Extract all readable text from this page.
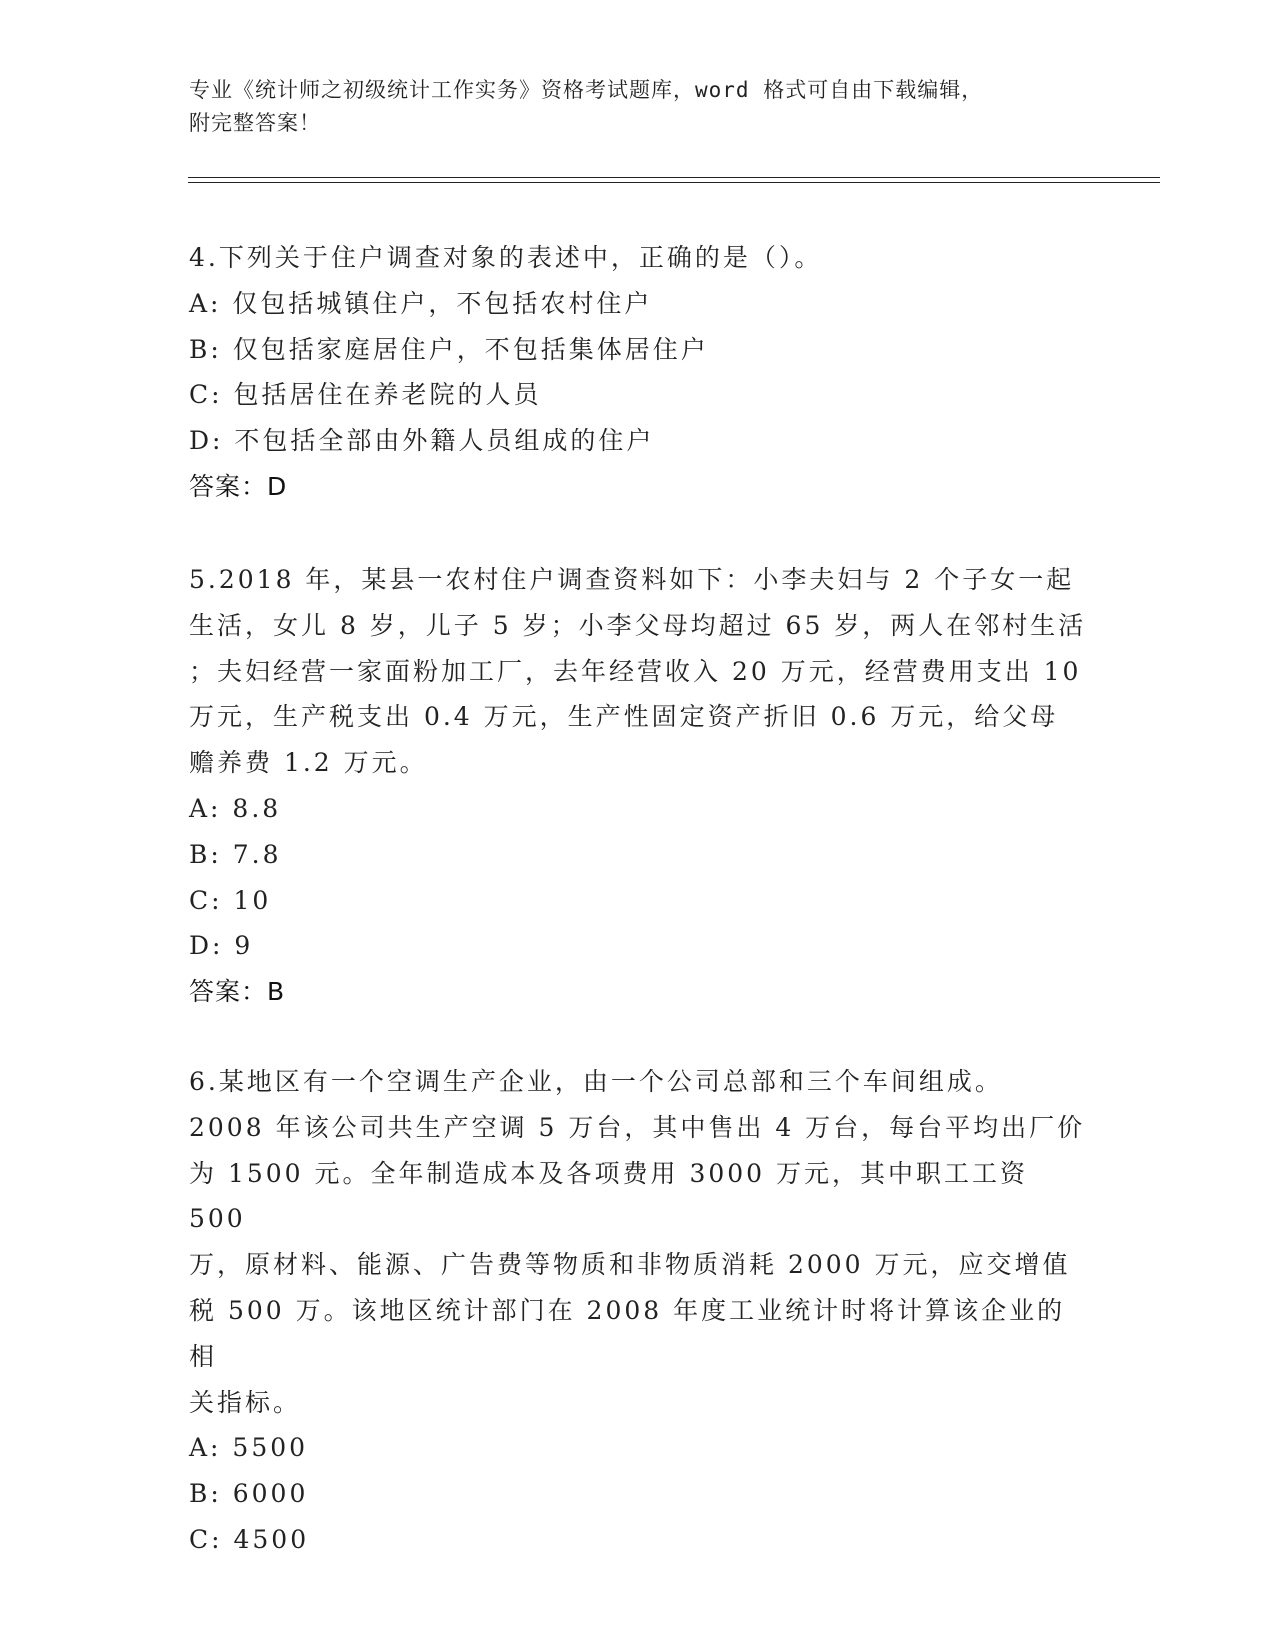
专业《统计师之初级统计工作实务》资格考试题库，word 格式可自由下载编辑，
附完整答案！

4.下列关于住户调查对象的表述中，正确的是（）。

A: 仅包括城镇住户，不包括农村住户

B: 仅包括家庭居住户，不包括集体居住户

C: 包括居住在养老院的人员

D: 不包括全部由外籍人员组成的住户

答案：D

5.2018 年，某县一农村住户调查资料如下：小李夫妇与 2 个子女一起

生活，女儿 8 岁，儿子 5 岁；小李父母均超过 65 岁，两人在邻村生活

；夫妇经营一家面粉加工厂，去年经营收入 20 万元，经营费用支出 10

万元，生产税支出 0.4 万元，生产性固定资产折旧 0.6 万元，给父母

赡养费 1.2 万元。

A: 8.8

B: 7.8

C: 10

D: 9

答案：B

6.某地区有一个空调生产企业，由一个公司总部和三个车间组成。

2008 年该公司共生产空调 5 万台，其中售出 4 万台，每台平均出厂价

为 1500 元。全年制造成本及各项费用 3000 万元，其中职工工资 500

万，原材料、能源、广告费等物质和非物质消耗 2000 万元，应交增值

税 500 万。该地区统计部门在 2008 年度工业统计时将计算该企业的相

关指标。

A: 5500

B: 6000

C: 4500
